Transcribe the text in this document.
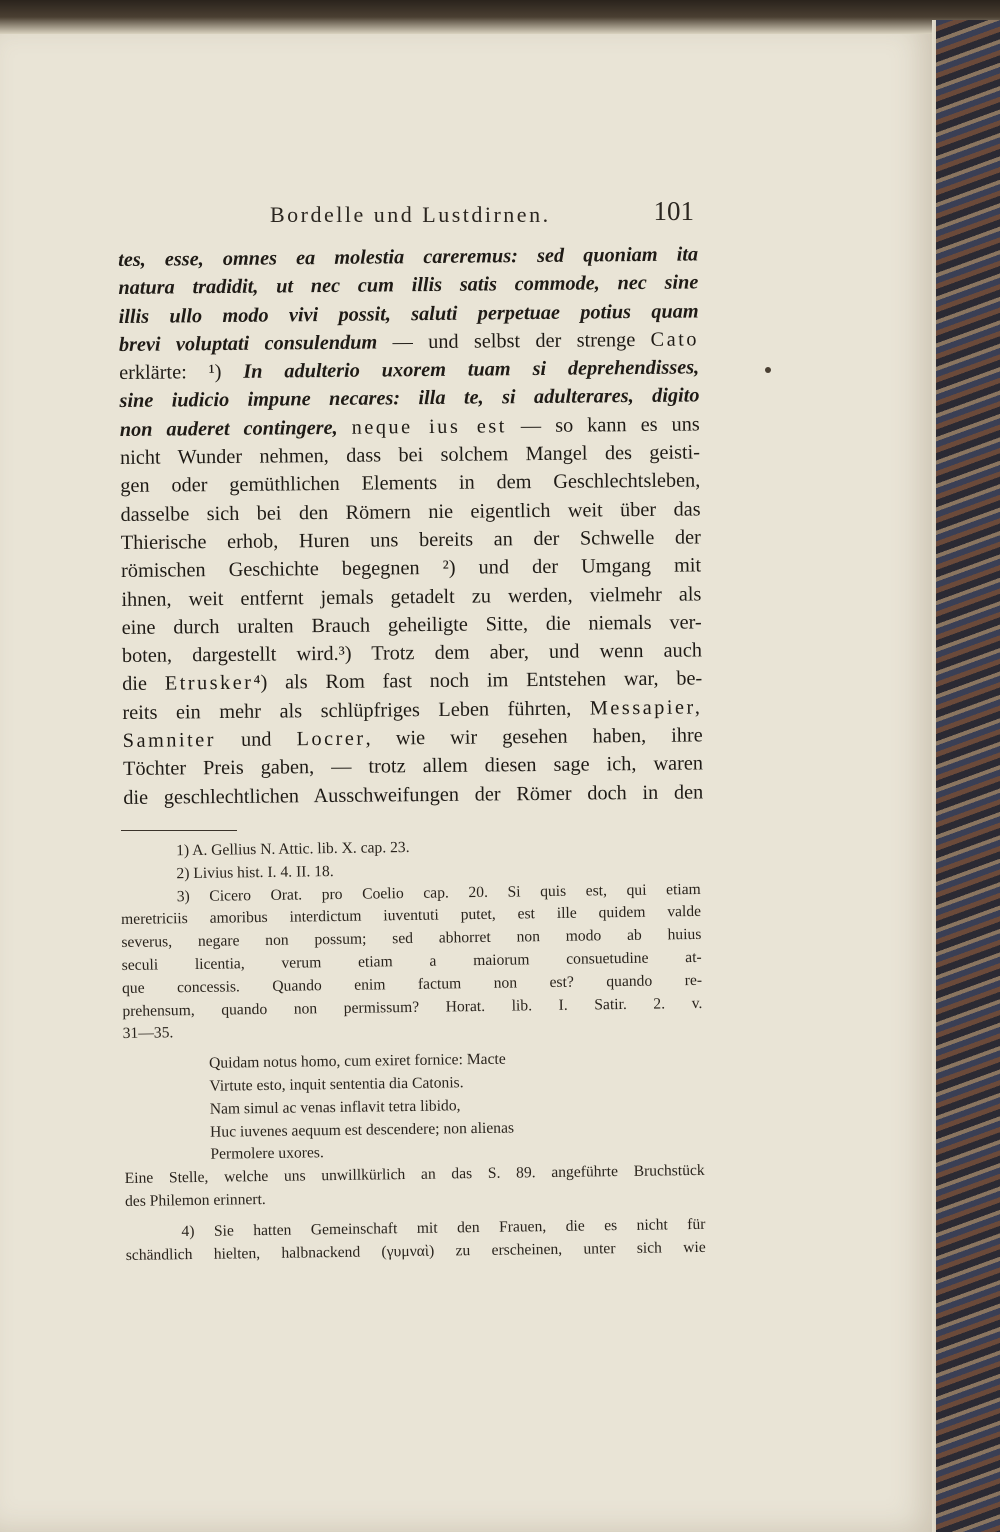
Bordelle und Lustdirnen.	101
tes, esse, omnes ea molestia careremus: sed quoniam ita
natura tradidit, ut nec cum illis satis commode, nec sine
illis ullo modo vivi possit, saluti perpetuae potius quam
brevi voluptati consulendum — und selbst der strenge Cato
erklärte: ¹) In adulterio uxorem tuam si deprehendisses,
sine iudicio impune necares: illa te, si adulterares, digito
non auderet contingere, neque ius est — so kann es uns
nicht Wunder nehmen, dass bei solchem Mangel des geisti-
gen oder gemüthlichen Elements in dem Geschlechtsleben,
dasselbe sich bei den Römern nie eigentlich weit über das
Thierische erhob, Huren uns bereits an der Schwelle der
römischen Geschichte begegnen ²) und der Umgang mit
ihnen, weit entfernt jemals getadelt zu werden, vielmehr als
eine durch uralten Brauch geheiligte Sitte, die niemals ver-
boten, dargestellt wird.³) Trotz dem aber, und wenn auch
die Etrusker⁴) als Rom fast noch im Entstehen war, be-
reits ein mehr als schlüpfriges Leben führten, Messapier,
Samniter und Locrer, wie wir gesehen haben, ihre
Töchter Preis gaben, — trotz allem diesen sage ich, waren
die geschlechtlichen Ausschweifungen der Römer doch in den
1) A. Gellius N. Attic. lib. X. cap. 23.
2) Livius hist. I. 4. II. 18.
3) Cicero Orat. pro Coelio cap. 20. Si quis est, qui etiam
meretriciis amoribus interdictum iuventuti putet, est ille quidem valde
severus, negare non possum; sed abhorret non modo ab huius
seculi licentia, verum etiam a maiorum consuetudine at-
que concessis. Quando enim factum non est? quando re-
prehensum, quando non permissum? Horat. lib. I. Satir. 2. v.
31—35.
Quidam notus homo, cum exiret fornice: Macte
Virtute esto, inquit sententia dia Catonis.
Nam simul ac venas inflavit tetra libido,
Huc iuvenes aequum est descendere; non alienas
Permolere uxores.
Eine Stelle, welche uns unwillkürlich an das S. 89. angeführte Bruchstück
des Philemon erinnert.
4) Sie hatten Gemeinschaft mit den Frauen, die es nicht für
schändlich hielten, halbnackend (γυμναὶ) zu erscheinen, unter sich wie
